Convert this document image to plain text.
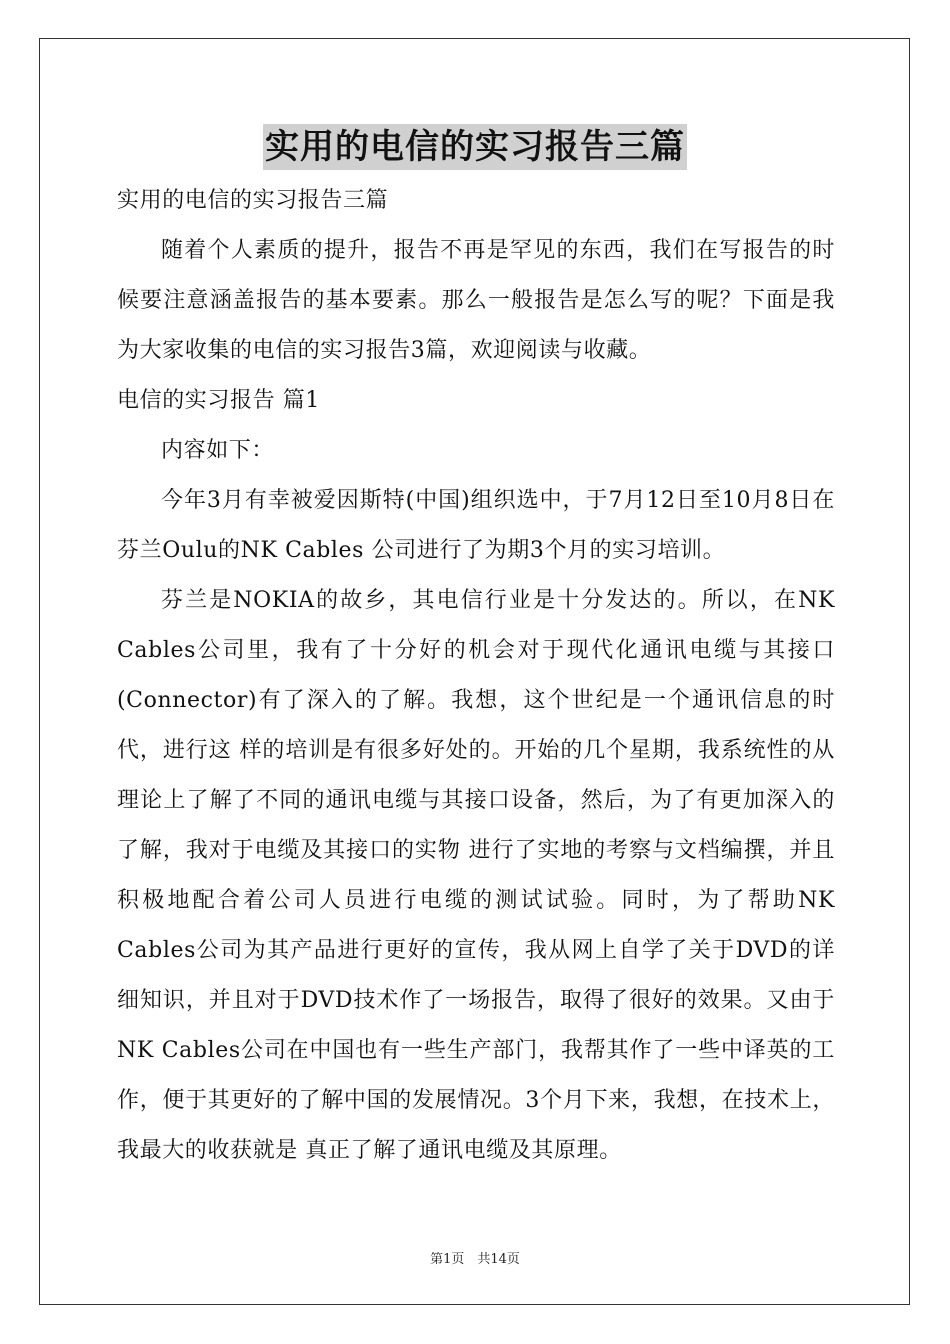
实用的电信的实习报告三篇

实用的电信的实习报告三篇

随着个人素质的提升，报告不再是罕见的东西，我们在写报告的时候要注意涵盖报告的基本要素。那么一般报告是怎么写的呢？下面是我为大家收集的电信的实习报告3篇，欢迎阅读与收藏。

电信的实习报告 篇1

内容如下：

今年3月有幸被爱因斯特(中国)组织选中，于7月12日至10月8日在芬兰Oulu的NK Cables 公司进行了为期3个月的实习培训。

芬兰是NOKIA的故乡，其电信行业是十分发达的。所以，在NK Cables公司里，我有了十分好的机会对于现代化通讯电缆与其接口(Connector)有了深入的了解。我想，这个世纪是一个通讯信息的时代，进行这 样的培训是有很多好处的。开始的几个星期，我系统性的从理论上了解了不同的通讯电缆与其接口设备，然后，为了有更加深入的了解，我对于电缆及其接口的实物 进行了实地的考察与文档编撰，并且积极地配合着公司人员进行电缆的测试试验。同时，为了帮助NK Cables公司为其产品进行更好的宣传，我从网上自学了关于DVD的详细知识，并且对于DVD技术作了一场报告，取得了很好的效果。又由于NK Cables公司在中国也有一些生产部门，我帮其作了一些中译英的工作，便于其更好的了解中国的发展情况。3个月下来，我想，在技术上，我最大的收获就是 真正了解了通讯电缆及其原理。

第1页　共14页
